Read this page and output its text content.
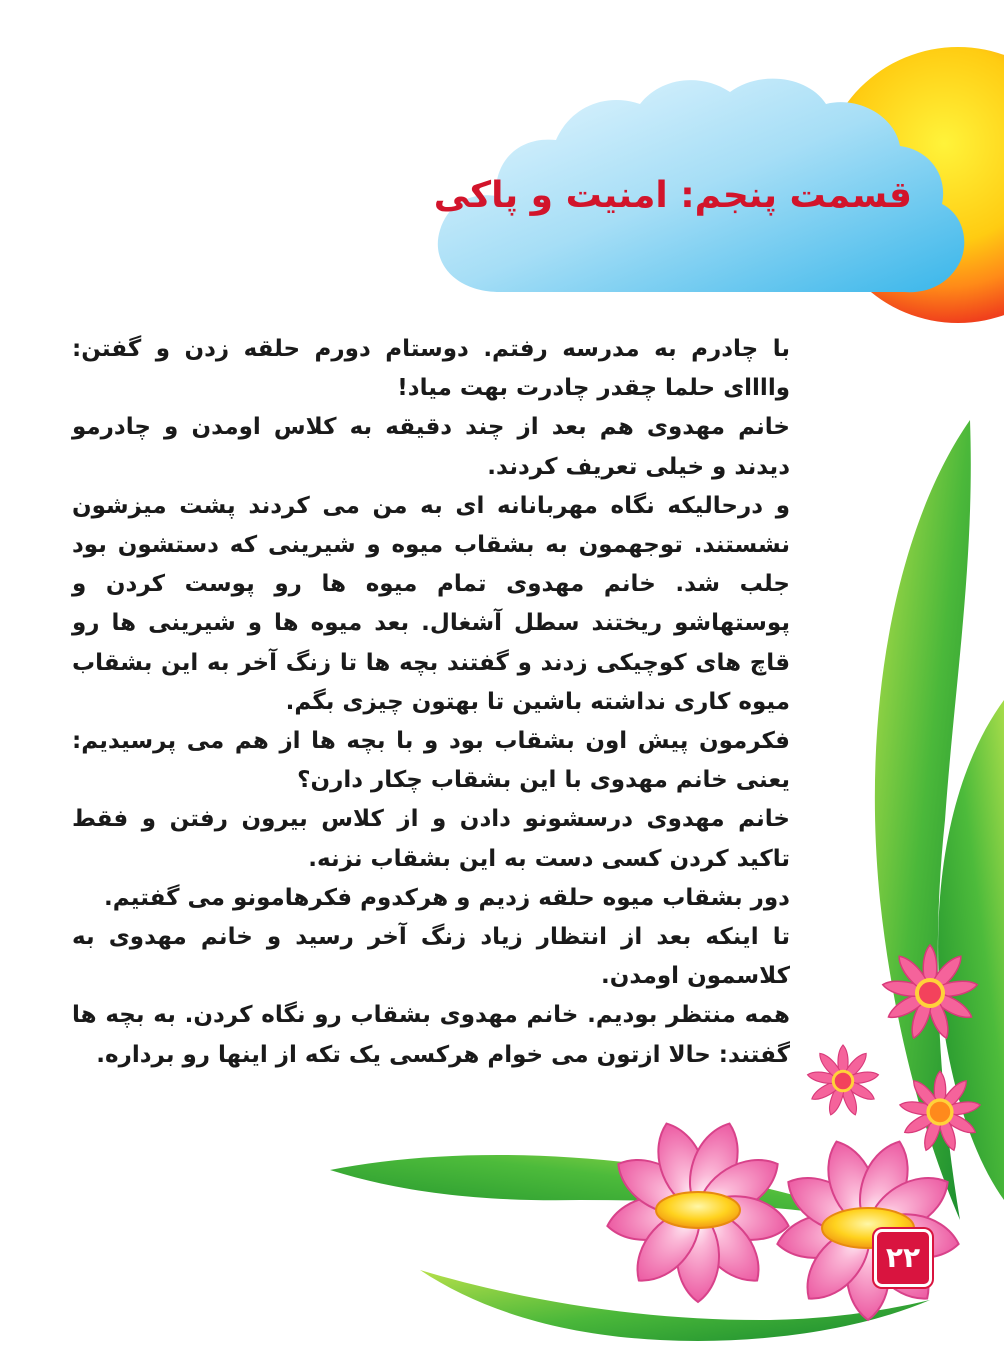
قسمت پنجم: امنیت و پاکی

با چادرم به مدرسه رفتم. دوستام دورم حلقه زدن و گفتن: واااای حلما چقدر چادرت بهت میاد!

خانم مهدوی هم بعد از چند دقیقه به کلاس اومدن و چادرمو دیدند و خیلی تعریف کردند.

و درحالیکه نگاه مهربانانه ای به من می کردند پشت میزشون نشستند. توجهمون به بشقاب میوه و شیرینی که دستشون بود جلب شد. خانم مهدوی تمام میوه ها رو پوست کردن و پوستهاشو ریختند سطل آشغال. بعد میوه ها و شیرینی ها رو قاچ های کوچیکی زدند و گفتند بچه ها تا زنگ آخر به این بشقاب میوه کاری نداشته باشین تا بهتون چیزی بگم.

فکرمون پیش اون بشقاب بود و با بچه ها از هم می پرسیدیم: یعنی خانم مهدوی با این بشقاب چکار دارن؟

خانم مهدوی درسشونو دادن و از کلاس بیرون رفتن و فقط تاکید کردن کسی دست به این بشقاب نزنه.

دور بشقاب میوه حلقه زدیم و هرکدوم فکرهامونو می گفتیم.

تا اینکه بعد از انتظار زیاد زنگ آخر رسید و خانم مهدوی به کلاسمون اومدن.

همه منتظر بودیم. خانم مهدوی بشقاب رو نگاه کردن. به بچه ها گفتند: حالا ازتون می خوام هرکسی یک تکه از اینها رو برداره.

۲۲
